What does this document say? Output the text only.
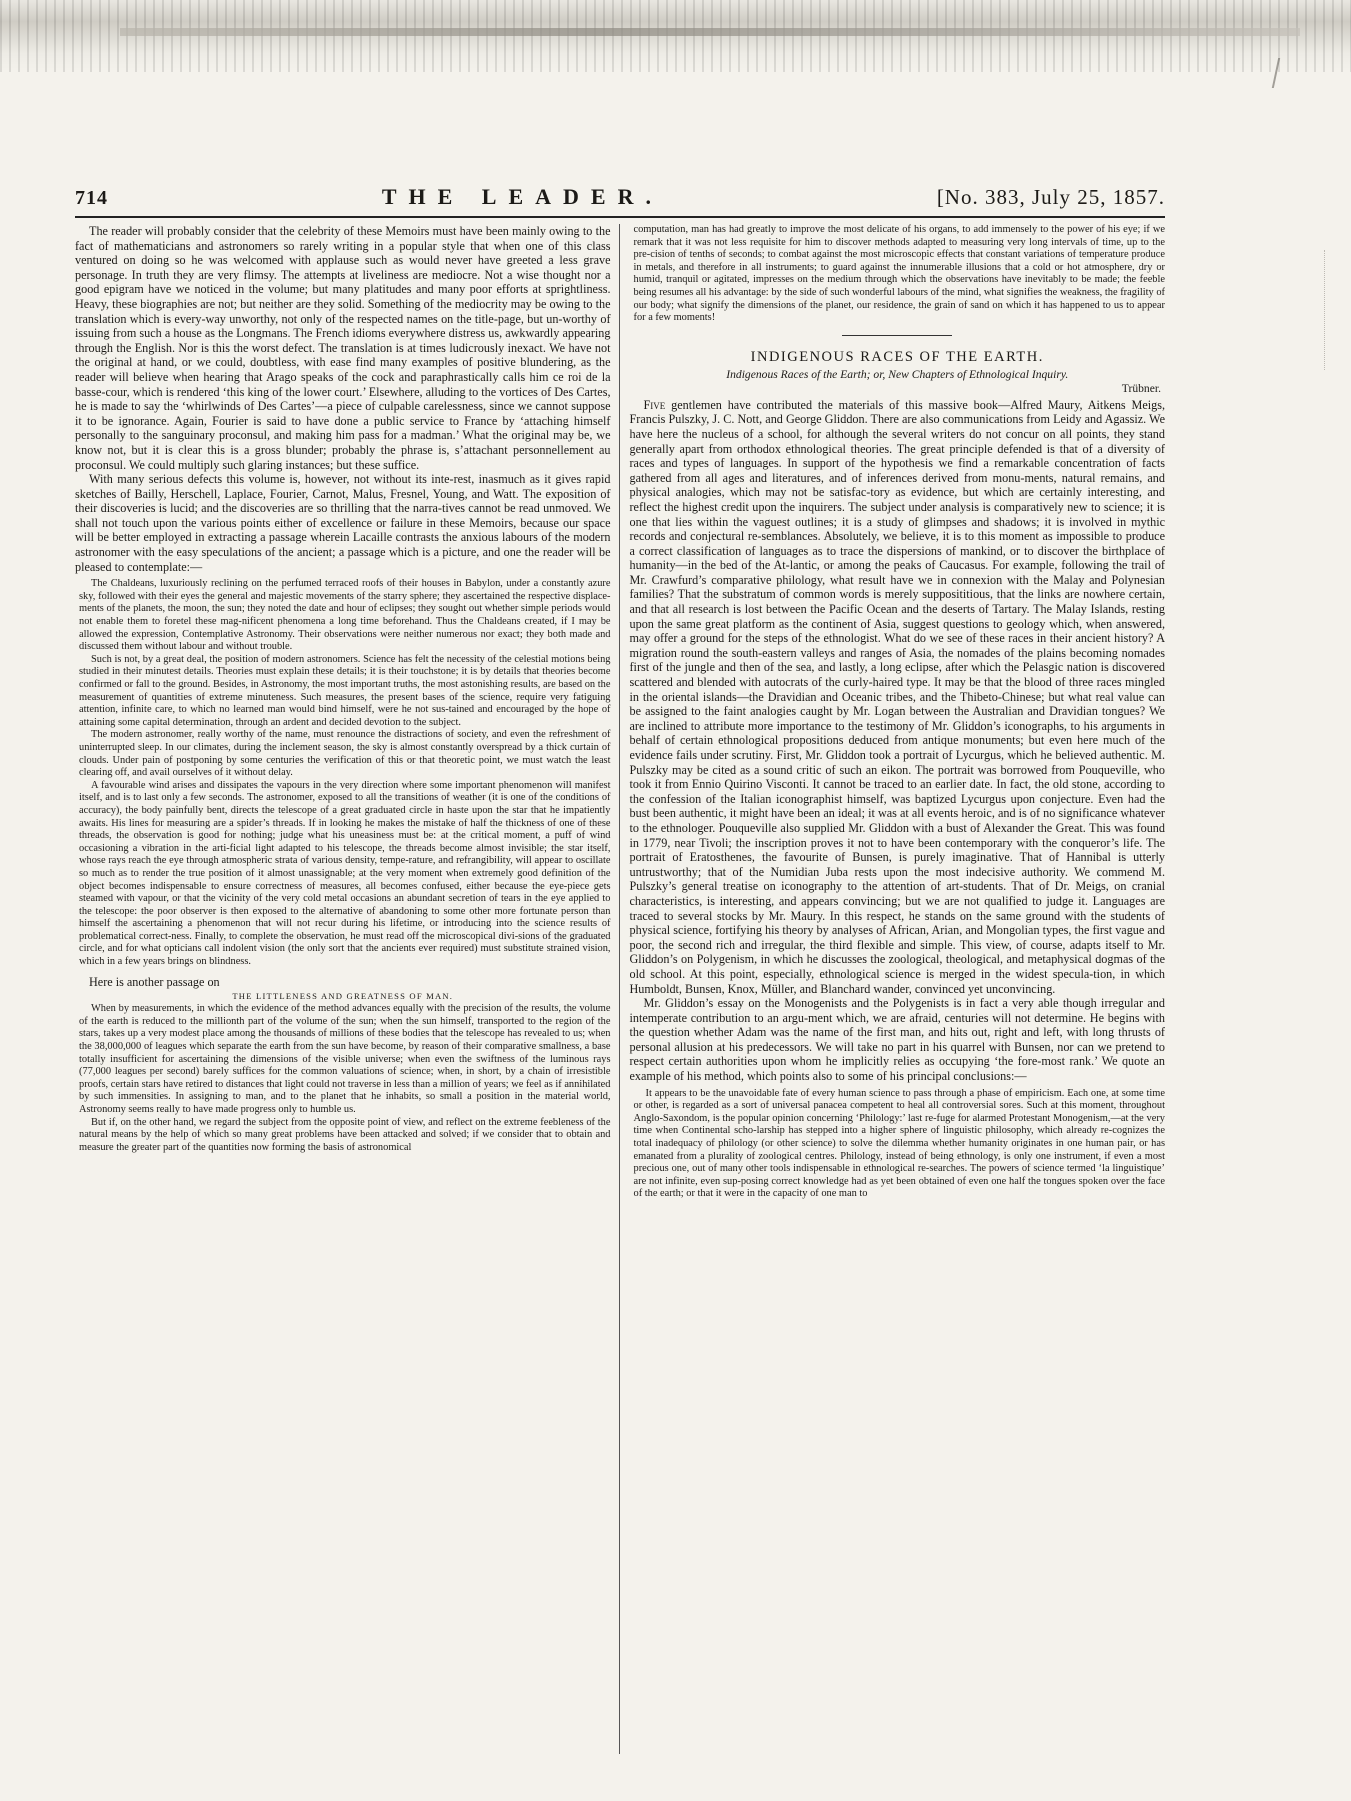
714	THE LEADER.	[No. 383, July 25, 1857.

The reader will probably consider that the celebrity of these Memoirs must have been mainly owing to the fact of mathematicians and astronomers so rarely writing in a popular style that when one of this class ventured on doing so he was welcomed with applause such as would never have greeted a less grave personage. In truth they are very flimsy. The attempts at liveliness are mediocre. Not a wise thought nor a good epigram have we noticed in the volume; but many platitudes and many poor efforts at sprightliness. Heavy, these biographies are not; but neither are they solid. Something of the mediocrity may be owing to the translation which is every-way unworthy, not only of the respected names on the title-page, but un-worthy of issuing from such a house as the Longmans. The French idioms everywhere distress us, awkwardly appearing through the English. Nor is this the worst defect. The translation is at times ludicrously inexact. We have not the original at hand, or we could, doubtless, with ease find many examples of positive blundering, as the reader will believe when hearing that Arago speaks of the cock and paraphrastically calls him ce roi de la basse-cour, which is rendered ‘this king of the lower court.’ Elsewhere, alluding to the vortices of Des Cartes, he is made to say the ‘whirlwinds of Des Cartes’—a piece of culpable carelessness, since we cannot suppose it to be ignorance. Again, Fourier is said to have done a public service to France by ‘attaching himself personally to the sanguinary proconsul, and making him pass for a madman.’ What the original may be, we know not, but it is clear this is a gross blunder; probably the phrase is, s’attachant personnellement au proconsul. We could multiply such glaring instances; but these suffice.

With many serious defects this volume is, however, not without its inte-rest, inasmuch as it gives rapid sketches of Bailly, Herschell, Laplace, Fourier, Carnot, Malus, Fresnel, Young, and Watt. The exposition of their discoveries is lucid; and the discoveries are so thrilling that the narra-tives cannot be read unmoved. We shall not touch upon the various points either of excellence or failure in these Memoirs, because our space will be better employed in extracting a passage wherein Lacaille contrasts the anxious labours of the modern astronomer with the easy speculations of the ancient; a passage which is a picture, and one the reader will be pleased to contemplate:—

The Chaldeans, luxuriously reclining on the perfumed terraced roofs of their houses in Babylon, under a constantly azure sky, followed with their eyes the general and majestic movements of the starry sphere; they ascertained the respective displace-ments of the planets, the moon, the sun; they noted the date and hour of eclipses; they sought out whether simple periods would not enable them to foretel these mag-nificent phenomena a long time beforehand. Thus the Chaldeans created, if I may be allowed the expression, Contemplative Astronomy. Their observations were neither numerous nor exact; they both made and discussed them without labour and without trouble.

Such is not, by a great deal, the position of modern astronomers. Science has felt the necessity of the celestial motions being studied in their minutest details. Theories must explain these details; it is their touchstone; it is by details that theories become confirmed or fall to the ground. Besides, in Astronomy, the most important truths, the most astonishing results, are based on the measurement of quantities of extreme minuteness. Such measures, the present bases of the science, require very fatiguing attention, infinite care, to which no learned man would bind himself, were he not sus-tained and encouraged by the hope of attaining some capital determination, through an ardent and decided devotion to the subject.

The modern astronomer, really worthy of the name, must renounce the distractions of society, and even the refreshment of uninterrupted sleep. In our climates, during the inclement season, the sky is almost constantly overspread by a thick curtain of clouds. Under pain of postponing by some centuries the verification of this or that theoretic point, we must watch the least clearing off, and avail ourselves of it without delay.

A favourable wind arises and dissipates the vapours in the very direction where some important phenomenon will manifest itself, and is to last only a few seconds. The astronomer, exposed to all the transitions of weather (it is one of the conditions of accuracy), the body painfully bent, directs the telescope of a great graduated circle in haste upon the star that he impatiently awaits. His lines for measuring are a spider’s threads. If in looking he makes the mistake of half the thickness of one of these threads, the observation is good for nothing; judge what his uneasiness must be: at the critical moment, a puff of wind occasioning a vibration in the arti-ficial light adapted to his telescope, the threads become almost invisible; the star itself, whose rays reach the eye through atmospheric strata of various density, tempe-rature, and refrangibility, will appear to oscillate so much as to render the true position of it almost unassignable; at the very moment when extremely good definition of the object becomes indispensable to ensure correctness of measures, all becomes confused, either because the eye-piece gets steamed with vapour, or that the vicinity of the very cold metal occasions an abundant secretion of tears in the eye applied to the telescope: the poor observer is then exposed to the alternative of abandoning to some other more fortunate person than himself the ascertaining a phenomenon that will not recur during his lifetime, or introducing into the science results of problematical correct-ness. Finally, to complete the observation, he must read off the microscopical divi-sions of the graduated circle, and for what opticians call indolent vision (the only sort that the ancients ever required) must substitute strained vision, which in a few years brings on blindness.

Here is another passage on

THE LITTLENESS AND GREATNESS OF MAN.

When by measurements, in which the evidence of the method advances equally with the precision of the results, the volume of the earth is reduced to the millionth part of the volume of the sun; when the sun himself, transported to the region of the stars, takes up a very modest place among the thousands of millions of these bodies that the telescope has revealed to us; when the 38,000,000 of leagues which separate the earth from the sun have become, by reason of their comparative smallness, a base totally insufficient for ascertaining the dimensions of the visible universe; when even the swiftness of the luminous rays (77,000 leagues per second) barely suffices for the common valuations of science; when, in short, by a chain of irresistible proofs, certain stars have retired to distances that light could not traverse in less than a million of years; we feel as if annihilated by such immensities. In assigning to man, and to the planet that he inhabits, so small a position in the material world, Astronomy seems really to have made progress only to humble us.

But if, on the other hand, we regard the subject from the opposite point of view, and reflect on the extreme feebleness of the natural means by the help of which so many great problems have been attacked and solved; if we consider that to obtain and measure the greater part of the quantities now forming the basis of astronomical

computation, man has had greatly to improve the most delicate of his organs, to add immensely to the power of his eye; if we remark that it was not less requisite for him to discover methods adapted to measuring very long intervals of time, up to the pre-cision of tenths of seconds; to combat against the most microscopic effects that constant variations of temperature produce in metals, and therefore in all instruments; to guard against the innumerable illusions that a cold or hot atmosphere, dry or humid, tranquil or agitated, impresses on the medium through which the observations have inevitably to be made; the feeble being resumes all his advantage: by the side of such wonderful labours of the mind, what signifies the weakness, the fragility of our body; what signify the dimensions of the planet, our residence, the grain of sand on which it has happened to us to appear for a few moments!

INDIGENOUS RACES OF THE EARTH.
Indigenous Races of the Earth; or, New Chapters of Ethnological Inquiry.
Trübner.

Five gentlemen have contributed the materials of this massive book—Alfred Maury, Aitkens Meigs, Francis Pulszky, J. C. Nott, and George Gliddon. There are also communications from Leidy and Agassiz. We have here the nucleus of a school, for although the several writers do not concur on all points, they stand generally apart from orthodox ethnological theories. The great principle defended is that of a diversity of races and types of languages. In support of the hypothesis we find a remarkable concentration of facts gathered from all ages and literatures, and of inferences derived from monu-ments, natural remains, and physical analogies, which may not be satisfac-tory as evidence, but which are certainly interesting, and reflect the highest credit upon the inquirers. The subject under analysis is comparatively new to science; it is one that lies within the vaguest outlines; it is a study of glimpses and shadows; it is involved in mythic records and conjectural re-semblances. Absolutely, we believe, it is to this moment as impossible to produce a correct classification of languages as to trace the dispersions of mankind, or to discover the birthplace of humanity—in the bed of the At-lantic, or among the peaks of Caucasus. For example, following the trail of Mr. Crawfurd’s comparative philology, what result have we in connexion with the Malay and Polynesian families? That the substratum of common words is merely supposititious, that the links are nowhere certain, and that all research is lost between the Pacific Ocean and the deserts of Tartary. The Malay Islands, resting upon the same great platform as the continent of Asia, suggest questions to geology which, when answered, may offer a ground for the steps of the ethnologist. What do we see of these races in their ancient history? A migration round the south-eastern valleys and ranges of Asia, the nomades of the plains becoming nomades first of the jungle and then of the sea, and lastly, a long eclipse, after which the Pelasgic nation is discovered scattered and blended with autocrats of the curly-haired type. It may be that the blood of three races mingled in the oriental islands—the Dravidian and Oceanic tribes, and the Thibeto-Chinese; but what real value can be assigned to the faint analogies caught by Mr. Logan between the Australian and Dravidian tongues? We are inclined to attribute more importance to the testimony of Mr. Gliddon’s iconographs, to his arguments in behalf of certain ethnological propositions deduced from antique monuments; but even here much of the evidence fails under scrutiny. First, Mr. Gliddon took a portrait of Lycurgus, which he believed authentic. M. Pulszky may be cited as a sound critic of such an eikon. The portrait was borrowed from Pouqueville, who took it from Ennio Quirino Visconti. It cannot be traced to an earlier date. In fact, the old stone, according to the confession of the Italian iconographist himself, was baptized Lycurgus upon conjecture. Even had the bust been authentic, it might have been an ideal; it was at all events heroic, and is of no significance whatever to the ethnologer. Pouqueville also supplied Mr. Gliddon with a bust of Alexander the Great. This was found in 1779, near Tivoli; the inscription proves it not to have been contemporary with the conqueror’s life. The portrait of Eratosthenes, the favourite of Bunsen, is purely imaginative. That of Hannibal is utterly untrustworthy; that of the Numidian Juba rests upon the most indecisive authority. We commend M. Pulszky’s general treatise on iconography to the attention of art-students. That of Dr. Meigs, on cranial characteristics, is interesting, and appears convincing; but we are not qualified to judge it. Languages are traced to several stocks by Mr. Maury. In this respect, he stands on the same ground with the students of physical science, fortifying his theory by analyses of African, Arian, and Mongolian types, the first vague and poor, the second rich and irregular, the third flexible and simple. This view, of course, adapts itself to Mr. Gliddon’s on Polygenism, in which he discusses the zoological, theological, and metaphysical dogmas of the old school. At this point, especially, ethnological science is merged in the widest specula-tion, in which Humboldt, Bunsen, Knox, Müller, and Blanchard wander, convinced yet unconvincing.

Mr. Gliddon’s essay on the Monogenists and the Polygenists is in fact a very able though irregular and intemperate contribution to an argu-ment which, we are afraid, centuries will not determine. He begins with the question whether Adam was the name of the first man, and hits out, right and left, with long thrusts of personal allusion at his predecessors. We will take no part in his quarrel with Bunsen, nor can we pretend to respect certain authorities upon whom he implicitly relies as occupying ‘the fore-most rank.’ We quote an example of his method, which points also to some of his principal conclusions:—

It appears to be the unavoidable fate of every human science to pass through a phase of empiricism. Each one, at some time or other, is regarded as a sort of universal panacea competent to heal all controversial sores. Such at this moment, throughout Anglo-Saxondom, is the popular opinion concerning ‘Philology:’ last re-fuge for alarmed Protestant Monogenism,—at the very time when Continental scho-larship has stepped into a higher sphere of linguistic philosophy, which already re-cognizes the total inadequacy of philology (or other science) to solve the dilemma whether humanity originates in one human pair, or has emanated from a plurality of zoological centres. Philology, instead of being ethnology, is only one instrument, if even a most precious one, out of many other tools indispensable in ethnological re-searches. The powers of science termed ‘la linguistique’ are not infinite, even sup-posing correct knowledge had as yet been obtained of even one half the tongues spoken over the face of the earth; or that it were in the capacity of one man to
